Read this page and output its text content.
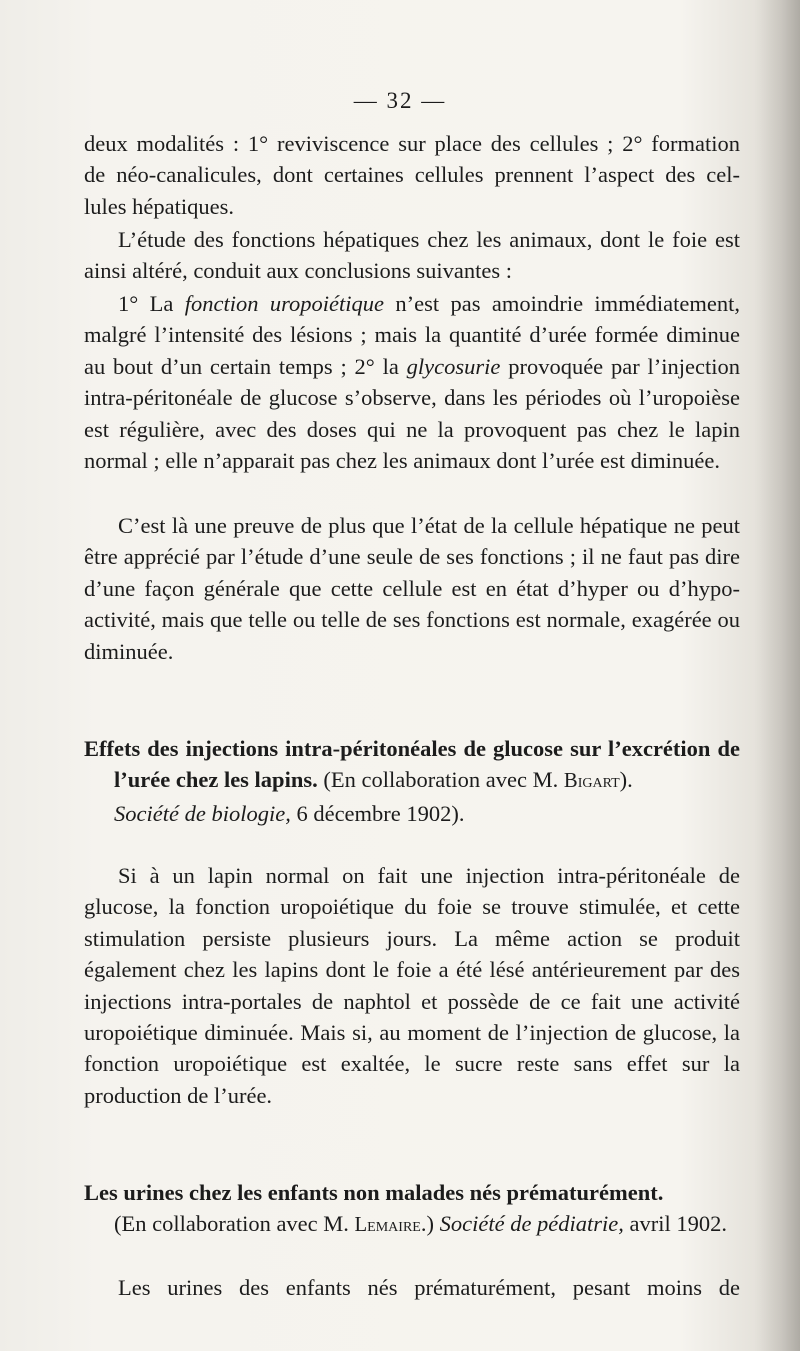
— 32 —

deux modalités : 1° reviviscence sur place des cellules ; 2° formation

de néo-canalicules, dont certaines cellules prennent l’aspect des cel-

lules hépatiques.

L’étude des fonctions hépatiques chez les animaux, dont le foie est

ainsi altéré, conduit aux conclusions suivantes :

1° La fonction uropoiétique n’est pas amoindrie immédiatement, malgré l’intensité des lésions ; mais la quantité d’urée formée diminue au bout d’un certain temps ; 2° la glycosurie provoquée par l’injection intra-péritonéale de glucose s’observe, dans les périodes où l’uropoièse est régulière, avec des doses qui ne la provoquent pas chez le lapin normal ; elle n’apparait pas chez les animaux dont l’urée est diminuée.

C’est là une preuve de plus que l’état de la cellule hépatique ne peut être apprécié par l’étude d’une seule de ses fonctions ; il ne faut pas dire d’une façon générale que cette cellule est en état d’hyper ou d’hypo-activité, mais que telle ou telle de ses fonctions est normale, exagérée ou diminuée.

Effets des injections intra-péritonéales de glucose sur l’excrétion de l’urée chez les lapins. (En collaboration avec M. Bigart).
Société de biologie, 6 décembre 1902).

Si à un lapin normal on fait une injection intra-péritonéale de glucose, la fonction uropoiétique du foie se trouve stimulée, et cette stimulation persiste plusieurs jours. La même action se produit également chez les lapins dont le foie a été lésé antérieurement par des injections intra-portales de naphtol et possède de ce fait une activité uropoiétique diminuée. Mais si, au moment de l’injection de glucose, la fonction uropoiétique est exaltée, le sucre reste sans effet sur la production de l’urée.

Les urines chez les enfants non malades nés prématurément.
(En collaboration avec M. Lemaire.) Société de pédiatrie, avril 1902.

Les urines des enfants nés prématurément, pesant moins de
